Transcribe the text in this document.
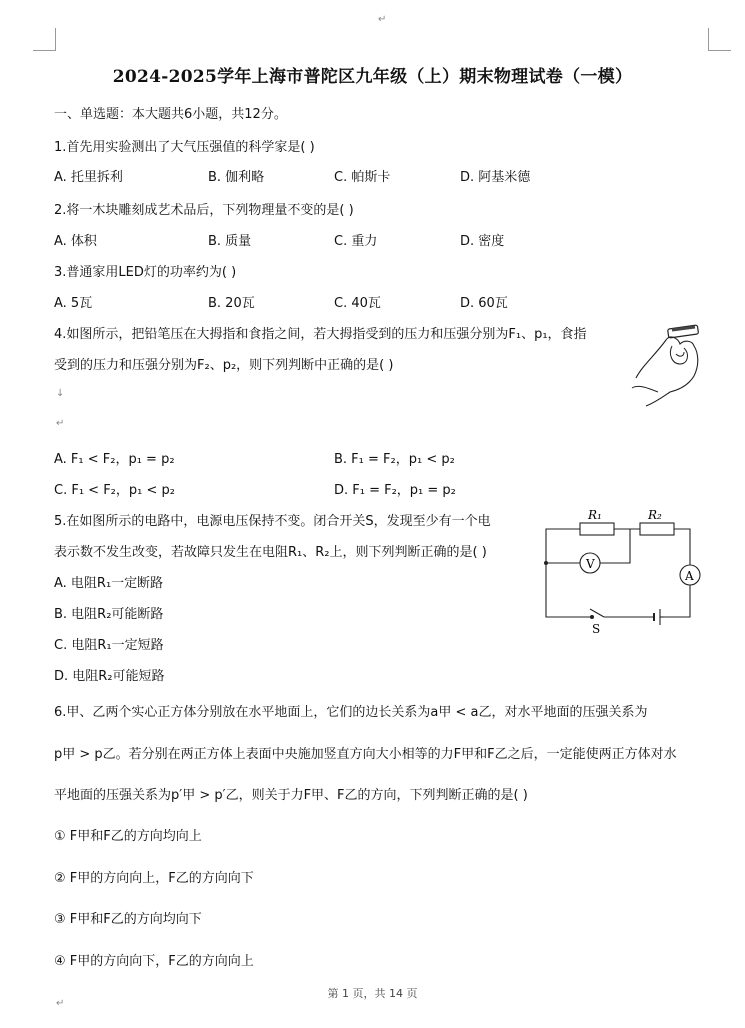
↵
2024-2025学年上海市普陀区九年级（上）期末物理试卷（一模）
一、单选题：本大题共6小题，共12分。
1.首先用实验测出了大气压强值的科学家是( )
A. 托里拆利	B. 伽利略	C. 帕斯卡	D. 阿基米德
2.将一木块雕刻成艺术品后，下列物理量不变的是( )
A. 体积	B. 质量	C. 重力	D. 密度
3.普通家用LED灯的功率约为( )
A. 5瓦	B. 20瓦	C. 40瓦	D. 60瓦
4.如图所示，把铅笔压在大拇指和食指之间，若大拇指受到的压力和压强分别为F₁、p₁，食指
受到的压力和压强分别为F₂、p₂，则下列判断中正确的是( )
↓
↵
A. F₁ < F₂，p₁ = p₂	B. F₁ = F₂，p₁ < p₂
C. F₁ < F₂，p₁ < p₂	D. F₁ = F₂，p₁ = p₂
5.在如图所示的电路中，电源电压保持不变。闭合开关S，发现至少有一个电
表示数不发生改变，若故障只发生在电阻R₁、R₂上，则下列判断正确的是( )
A. 电阻R₁一定断路
B. 电阻R₂可能断路
C. 电阻R₁一定短路
D. 电阻R₂可能短路
R₁	R₂
V
A
S
6.甲、乙两个实心正方体分别放在水平地面上，它们的边长关系为a甲 < a乙，对水平地面的压强关系为
p甲 > p乙。若分别在两正方体上表面中央施加竖直方向大小相等的力F甲和F乙之后，一定能使两正方体对水
平地面的压强关系为p′甲 > p′乙，则关于力F甲、F乙的方向，下列判断正确的是( )
① F甲和F乙的方向均向上
② F甲的方向向上，F乙的方向向下
③ F甲和F乙的方向均向下
④ F甲的方向向下，F乙的方向向上
第 1 页，共 14 页
↵
